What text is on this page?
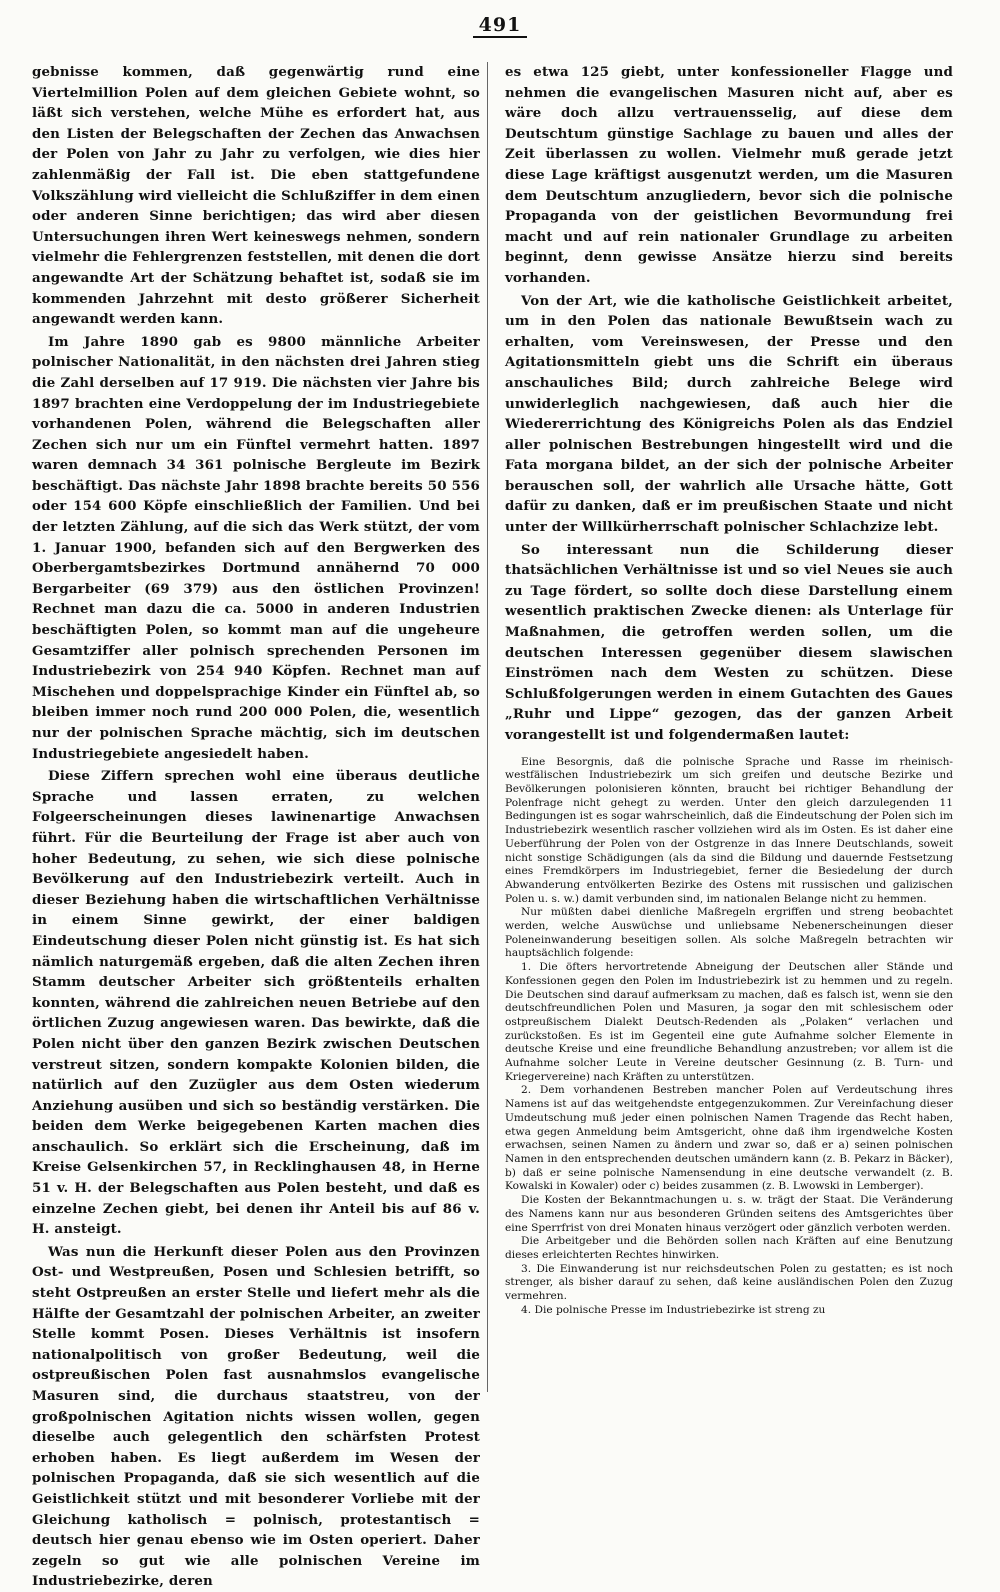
491

gebnisse kommen, daß gegenwärtig rund eine Viertelmillion Polen auf dem gleichen Gebiete wohnt, so läßt sich verstehen, welche Mühe es erfordert hat, aus den Listen der Belegschaften der Zechen das Anwachsen der Polen von Jahr zu Jahr zu verfolgen, wie dies hier zahlenmäßig der Fall ist. Die eben stattgefundene Volkszählung wird vielleicht die Schlußziffer in dem einen oder anderen Sinne berichtigen; das wird aber diesen Untersuchungen ihren Wert keineswegs nehmen, sondern vielmehr die Fehlergrenzen feststellen, mit denen die dort angewandte Art der Schätzung behaftet ist, sodaß sie im kommenden Jahrzehnt mit desto größerer Sicherheit angewandt werden kann.

Im Jahre 1890 gab es 9800 männliche Arbeiter polnischer Nationalität, in den nächsten drei Jahren stieg die Zahl derselben auf 17 919. Die nächsten vier Jahre bis 1897 brachten eine Verdoppelung der im Industriegebiete vorhandenen Polen, während die Belegschaften aller Zechen sich nur um ein Fünftel vermehrt hatten. 1897 waren demnach 34 361 polnische Bergleute im Bezirk beschäftigt. Das nächste Jahr 1898 brachte bereits 50 556 oder 154 600 Köpfe einschließlich der Familien. Und bei der letzten Zählung, auf die sich das Werk stützt, der vom 1. Januar 1900, befanden sich auf den Bergwerken des Oberbergamtsbezirkes Dortmund annähernd 70 000 Bergarbeiter (69 379) aus den östlichen Provinzen! Rechnet man dazu die ca. 5000 in anderen Industrien beschäftigten Polen, so kommt man auf die ungeheure Gesamtziffer aller polnisch sprechenden Personen im Industriebezirk von 254 940 Köpfen. Rechnet man auf Mischehen und doppelsprachige Kinder ein Fünftel ab, so bleiben immer noch rund 200 000 Polen, die, wesentlich nur der polnischen Sprache mächtig, sich im deutschen Industriegebiete angesiedelt haben.

Diese Ziffern sprechen wohl eine überaus deutliche Sprache und lassen erraten, zu welchen Folgeerscheinungen dieses lawinenartige Anwachsen führt. Für die Beurteilung der Frage ist aber auch von hoher Bedeutung, zu sehen, wie sich diese polnische Bevölkerung auf den Industriebezirk verteilt. Auch in dieser Beziehung haben die wirtschaftlichen Verhältnisse in einem Sinne gewirkt, der einer baldigen Eindeutschung dieser Polen nicht günstig ist. Es hat sich nämlich naturgemäß ergeben, daß die alten Zechen ihren Stamm deutscher Arbeiter sich größtenteils erhalten konnten, während die zahlreichen neuen Betriebe auf den örtlichen Zuzug angewiesen waren. Das bewirkte, daß die Polen nicht über den ganzen Bezirk zwischen Deutschen verstreut sitzen, sondern kompakte Kolonien bilden, die natürlich auf den Zuzügler aus dem Osten wiederum Anziehung ausüben und sich so beständig verstärken. Die beiden dem Werke beigegebenen Karten machen dies anschaulich. So erklärt sich die Erscheinung, daß im Kreise Gelsenkirchen 57, in Recklinghausen 48, in Herne 51 v. H. der Belegschaften aus Polen besteht, und daß es einzelne Zechen giebt, bei denen ihr Anteil bis auf 86 v. H. ansteigt.

Was nun die Herkunft dieser Polen aus den Provinzen Ost- und Westpreußen, Posen und Schlesien betrifft, so steht Ostpreußen an erster Stelle und liefert mehr als die Hälfte der Gesamtzahl der polnischen Arbeiter, an zweiter Stelle kommt Posen. Dieses Verhältnis ist insofern nationalpolitisch von großer Bedeutung, weil die ostpreußischen Polen fast ausnahmslos evangelische Masuren sind, die durchaus staatstreu, von der großpolnischen Agitation nichts wissen wollen, gegen dieselbe auch gelegentlich den schärfsten Protest erhoben haben. Es liegt außerdem im Wesen der polnischen Propaganda, daß sie sich wesentlich auf die Geistlichkeit stützt und mit besonderer Vorliebe mit der Gleichung katholisch = polnisch, protestantisch = deutsch hier genau ebenso wie im Osten operiert. Daher zegeln so gut wie alle polnischen Vereine im Industriebezirke, deren

es etwa 125 giebt, unter konfessioneller Flagge und nehmen die evangelischen Masuren nicht auf, aber es wäre doch allzu vertrauensselig, auf diese dem Deutschtum günstige Sachlage zu bauen und alles der Zeit überlassen zu wollen. Vielmehr muß gerade jetzt diese Lage kräftigst ausgenutzt werden, um die Masuren dem Deutschtum anzugliedern, bevor sich die polnische Propaganda von der geistlichen Bevormundung frei macht und auf rein nationaler Grundlage zu arbeiten beginnt, denn gewisse Ansätze hierzu sind bereits vorhanden.

Von der Art, wie die katholische Geistlichkeit arbeitet, um in den Polen das nationale Bewußtsein wach zu erhalten, vom Vereinswesen, der Presse und den Agitationsmitteln giebt uns die Schrift ein überaus anschauliches Bild; durch zahlreiche Belege wird unwiderleglich nachgewiesen, daß auch hier die Wiedererrichtung des Königreichs Polen als das Endziel aller polnischen Bestrebungen hingestellt wird und die Fata morgana bildet, an der sich der polnische Arbeiter berauschen soll, der wahrlich alle Ursache hätte, Gott dafür zu danken, daß er im preußischen Staate und nicht unter der Willkürherrschaft polnischer Schlachzize lebt.

So interessant nun die Schilderung dieser thatsächlichen Verhältnisse ist und so viel Neues sie auch zu Tage fördert, so sollte doch diese Darstellung einem wesentlich praktischen Zwecke dienen: als Unterlage für Maßnahmen, die getroffen werden sollen, um die deutschen Interessen gegenüber diesem slawischen Einströmen nach dem Westen zu schützen. Diese Schlußfolgerungen werden in einem Gutachten des Gaues „Ruhr und Lippe“ gezogen, das der ganzen Arbeit vorangestellt ist und folgendermaßen lautet:

Eine Besorgnis, daß die polnische Sprache und Rasse im rheinisch-westfälischen Industriebezirk um sich greifen und deutsche Bezirke und Bevölkerungen polonisieren könnten, braucht bei richtiger Behandlung der Polenfrage nicht gehegt zu werden. Unter den gleich darzulegenden 11 Bedingungen ist es sogar wahrscheinlich, daß die Eindeutschung der Polen sich im Industriebezirk wesentlich rascher vollziehen wird als im Osten. Es ist daher eine Ueberführung der Polen von der Ostgrenze in das Innere Deutschlands, soweit nicht sonstige Schädigungen (als da sind die Bildung und dauernde Festsetzung eines Fremdkörpers im Industriegebiet, ferner die Besiedelung der durch Abwanderung entvölkerten Bezirke des Ostens mit russischen und galizischen Polen u. s. w.) damit verbunden sind, im nationalen Belange nicht zu hemmen.

Nur müßten dabei dienliche Maßregeln ergriffen und streng beobachtet werden, welche Auswüchse und unliebsame Nebenerscheinungen dieser Poleneinwanderung beseitigen sollen. Als solche Maßregeln betrachten wir hauptsächlich folgende:

1. Die öfters hervortretende Abneigung der Deutschen aller Stände und Konfessionen gegen den Polen im Industriebezirk ist zu hemmen und zu regeln. Die Deutschen sind darauf aufmerksam zu machen, daß es falsch ist, wenn sie den deutschfreundlichen Polen und Masuren, ja sogar den mit schlesischem oder ostpreußischem Dialekt Deutsch-Redenden als „Polaken“ verlachen und zurückstoßen. Es ist im Gegenteil eine gute Aufnahme solcher Elemente in deutsche Kreise und eine freundliche Behandlung anzustreben; vor allem ist die Aufnahme solcher Leute in Vereine deutscher Gesinnung (z. B. Turn- und Kriegervereine) nach Kräften zu unterstützen.

2. Dem vorhandenen Bestreben mancher Polen auf Verdeutschung ihres Namens ist auf das weitgehendste entgegenzukommen. Zur Vereinfachung dieser Umdeutschung muß jeder einen polnischen Namen Tragende das Recht haben, etwa gegen Anmeldung beim Amtsgericht, ohne daß ihm irgendwelche Kosten erwachsen, seinen Namen zu ändern und zwar so, daß er a) seinen polnischen Namen in den entsprechenden deutschen umändern kann (z. B. Pekarz in Bäcker), b) daß er seine polnische Namensendung in eine deutsche verwandelt (z. B. Kowalski in Kowaler) oder c) beides zusammen (z. B. Lwowski in Lemberger).

Die Kosten der Bekanntmachungen u. s. w. trägt der Staat. Die Veränderung des Namens kann nur aus besonderen Gründen seitens des Amtsgerichtes über eine Sperrfrist von drei Monaten hinaus verzögert oder gänzlich verboten werden.

Die Arbeitgeber und die Behörden sollen nach Kräften auf eine Benutzung dieses erleichterten Rechtes hinwirken.

3. Die Einwanderung ist nur reichsdeutschen Polen zu gestatten; es ist noch strenger, als bisher darauf zu sehen, daß keine ausländischen Polen den Zuzug vermehren.

4. Die polnische Presse im Industriebezirke ist streng zu
